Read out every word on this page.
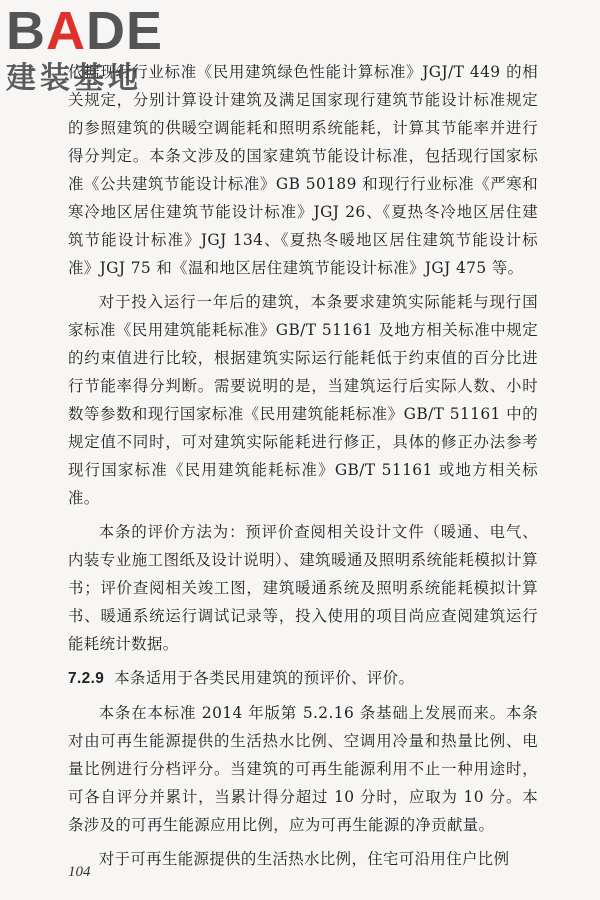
BADE
建装基地

依据现行行业标准《民用建筑绿色性能计算标准》JGJ/T 449 的相关规定，分别计算设计建筑及满足国家现行建筑节能设计标准规定的参照建筑的供暖空调能耗和照明系统能耗，计算其节能率并进行得分判定。本条文涉及的国家建筑节能设计标准，包括现行国家标准《公共建筑节能设计标准》GB 50189 和现行行业标准《严寒和寒冷地区居住建筑节能设计标准》JGJ 26、《夏热冬冷地区居住建筑节能设计标准》JGJ 134、《夏热冬暖地区居住建筑节能设计标准》JGJ 75 和《温和地区居住建筑节能设计标准》JGJ 475 等。

对于投入运行一年后的建筑，本条要求建筑实际能耗与现行国家标准《民用建筑能耗标准》GB/T 51161 及地方相关标准中规定的约束值进行比较，根据建筑实际运行能耗低于约束值的百分比进行节能率得分判断。需要说明的是，当建筑运行后实际人数、小时数等参数和现行国家标准《民用建筑能耗标准》GB/T 51161 中的规定值不同时，可对建筑实际能耗进行修正，具体的修正办法参考现行国家标准《民用建筑能耗标准》GB/T 51161 或地方相关标准。

本条的评价方法为：预评价查阅相关设计文件（暖通、电气、内装专业施工图纸及设计说明）、建筑暖通及照明系统能耗模拟计算书；评价查阅相关竣工图，建筑暖通系统及照明系统能耗模拟计算书、暖通系统运行调试记录等，投入使用的项目尚应查阅建筑运行能耗统计数据。

7.2.9 本条适用于各类民用建筑的预评价、评价。

本条在本标准 2014 年版第 5.2.16 条基础上发展而来。本条对由可再生能源提供的生活热水比例、空调用冷量和热量比例、电量比例进行分档评分。当建筑的可再生能源利用不止一种用途时，可各自评分并累计，当累计得分超过 10 分时，应取为 10 分。本条涉及的可再生能源应用比例，应为可再生能源的净贡献量。

对于可再生能源提供的生活热水比例，住宅可沿用住户比例

104
